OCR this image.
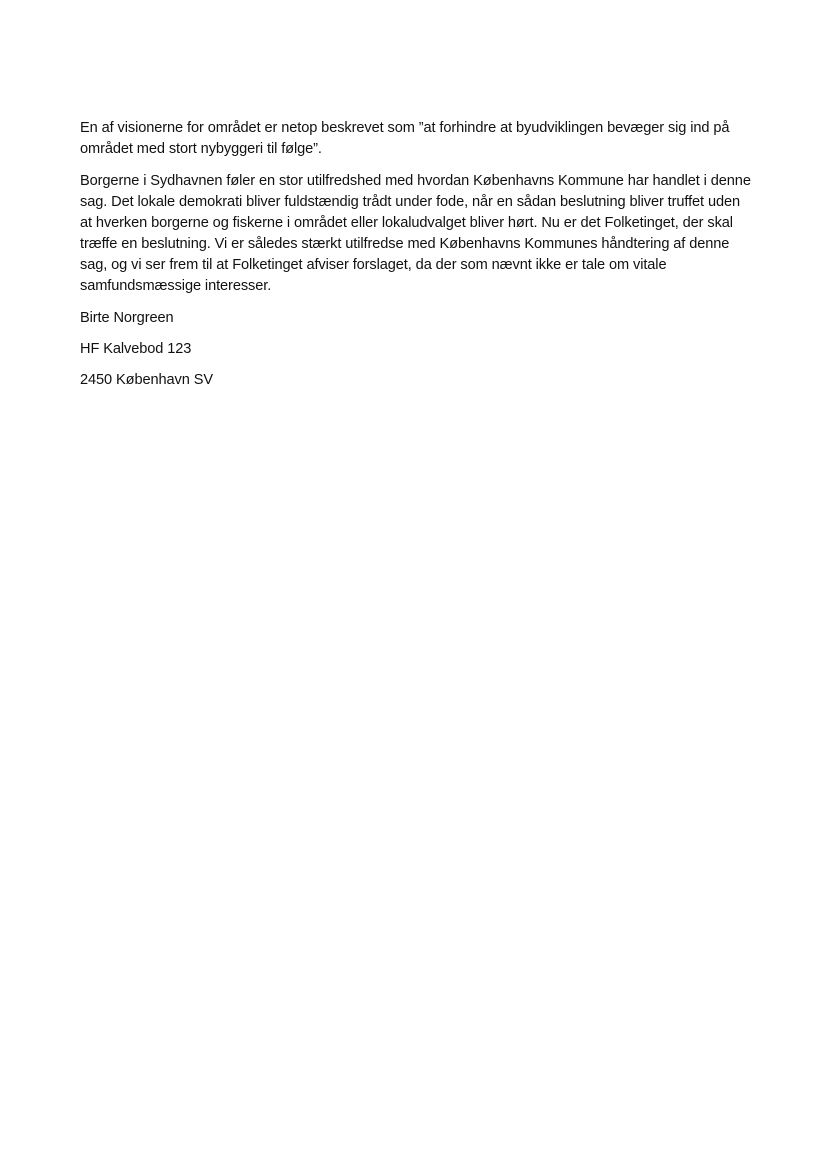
En af visionerne for området er netop beskrevet som ”at forhindre at byudviklingen bevæger sig ind på området med stort nybyggeri til følge”.

Borgerne i Sydhavnen føler en stor utilfredshed med hvordan Københavns Kommune har handlet i denne sag. Det lokale demokrati bliver fuldstændig trådt under fode, når en sådan beslutning bliver truffet uden at hverken borgerne og fiskerne i området eller lokaludvalget bliver hørt. Nu er det Folketinget, der skal træffe en beslutning. Vi er således stærkt utilfredse med Københavns Kommunes håndtering af denne sag, og vi ser frem til at Folketinget afviser forslaget, da der som nævnt ikke er tale om vitale samfundsmæssige interesser.

Birte Norgreen

HF Kalvebod 123

2450 København SV
